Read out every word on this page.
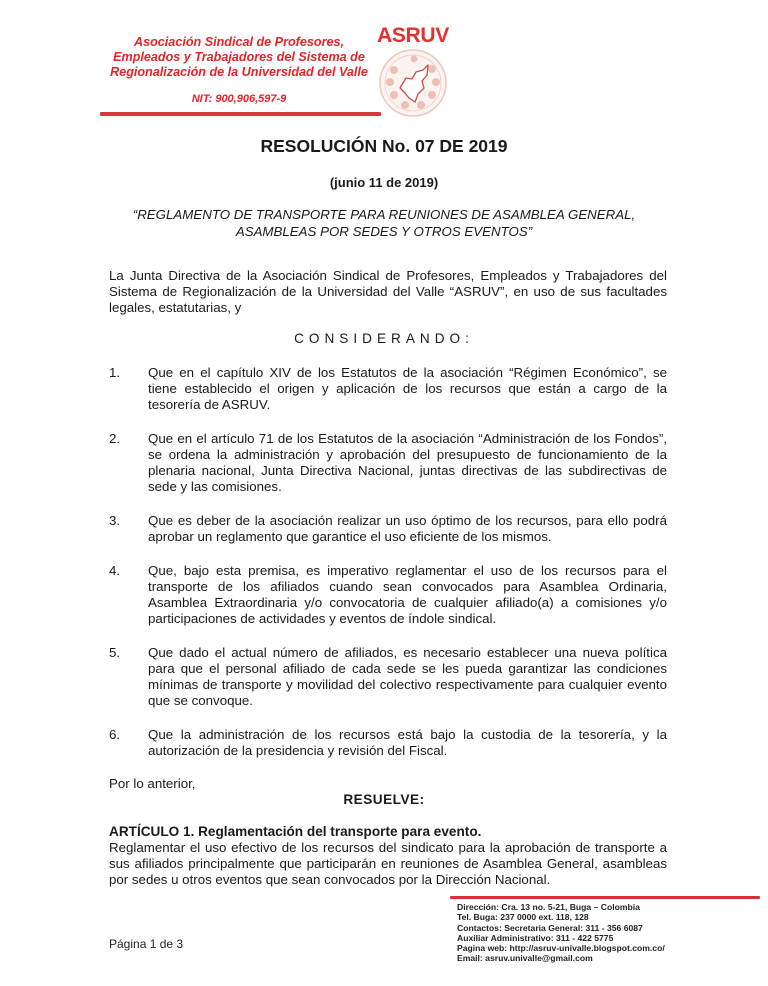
Asociación Sindical de Profesores,
Empleados y Trabajadores del Sistema de
Regionalización de la Universidad del Valle
NIT: 900,906,597-9
ASRUV
RESOLUCIÓN No. 07 DE 2019
(junio 11 de 2019)
“REGLAMENTO DE TRANSPORTE PARA REUNIONES DE ASAMBLEA GENERAL,
ASAMBLEAS POR SEDES Y OTROS EVENTOS”
La Junta Directiva de la Asociación Sindical de Profesores, Empleados y Trabajadores del Sistema de Regionalización de la Universidad del Valle “ASRUV”, en uso de sus facultades legales, estatutarias, y
CONSIDERANDO:
1. Que en el capítulo XIV de los Estatutos de la asociación “Régimen Económico”, se tiene establecido el origen y aplicación de los recursos que están a cargo de la tesorería de ASRUV.
2. Que en el artículo 71 de los Estatutos de la asociación “Administración de los Fondos”, se ordena la administración y aprobación del presupuesto de funcionamiento de la plenaria nacional, Junta Directiva Nacional, juntas directivas de las subdirectivas de sede y las comisiones.
3. Que es deber de la asociación realizar un uso óptimo de los recursos, para ello podrá aprobar un reglamento que garantice el uso eficiente de los mismos.
4. Que, bajo esta premisa, es imperativo reglamentar el uso de los recursos para el transporte de los afiliados cuando sean convocados para Asamblea Ordinaria, Asamblea Extraordinaria y/o convocatoria de cualquier afiliado(a) a comisiones y/o participaciones de actividades y eventos de índole sindical.
5. Que dado el actual número de afiliados, es necesario establecer una nueva política para que el personal afiliado de cada sede se les pueda garantizar las condiciones mínimas de transporte y movilidad del colectivo respectivamente para cualquier evento que se convoque.
6. Que la administración de los recursos está bajo la custodia de la tesorería, y la autorización de la presidencia y revisión del Fiscal.
Por lo anterior,
RESUELVE:
ARTÍCULO 1. Reglamentación del transporte para evento.
Reglamentar el uso efectivo de los recursos del sindicato para la aprobación de transporte a sus afiliados principalmente que participarán en reuniones de Asamblea General, asambleas por sedes u otros eventos que sean convocados por la Dirección Nacional.
Dirección: Cra. 13 no. 5-21, Buga – Colombia
Tel. Buga: 237 0000 ext. 118, 128
Contactos: Secretaria General: 311 - 356 6087
Auxiliar Administrativo: 311 - 422 5775
Pagina web: http://asruv-univalle.blogspot.com.co/
Email: asruv.univalle@gmail.com
Página 1 de 3
